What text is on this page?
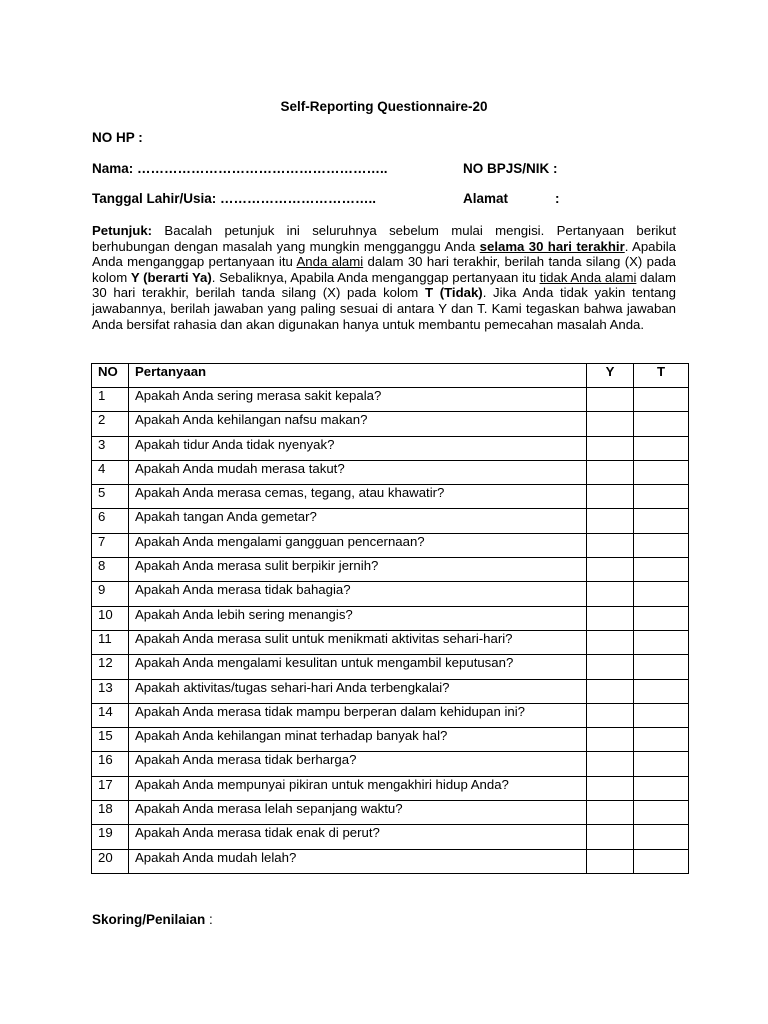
Self-Reporting Questionnaire-20
NO HP :
Nama: ………………………………………………..	NO BPJS/NIK :
Tanggal Lahir/Usia: ……………………………..	Alamat	:
Petunjuk: Bacalah petunjuk ini seluruhnya sebelum mulai mengisi. Pertanyaan berikut berhubungan dengan masalah yang mungkin mengganggu Anda selama 30 hari terakhir. Apabila Anda menganggap pertanyaan itu Anda alami dalam 30 hari terakhir, berilah tanda silang (X) pada kolom Y (berarti Ya). Sebaliknya, Apabila Anda menganggap pertanyaan itu tidak Anda alami dalam 30 hari terakhir, berilah tanda silang (X) pada kolom T (Tidak). Jika Anda tidak yakin tentang jawabannya, berilah jawaban yang paling sesuai di antara Y dan T. Kami tegaskan bahwa jawaban Anda bersifat rahasia dan akan digunakan hanya untuk membantu pemecahan masalah Anda.
NO	Pertanyaan	Y	T
1	Apakah Anda sering merasa sakit kepala?		
2	Apakah Anda kehilangan nafsu makan?		
3	Apakah tidur Anda tidak nyenyak?		
4	Apakah Anda mudah merasa takut?		
5	Apakah Anda merasa cemas, tegang, atau khawatir?		
6	Apakah tangan Anda gemetar?		
7	Apakah Anda mengalami gangguan pencernaan?		
8	Apakah Anda merasa sulit berpikir jernih?		
9	Apakah Anda merasa tidak bahagia?		
10	Apakah Anda lebih sering menangis?		
11	Apakah Anda merasa sulit untuk menikmati aktivitas sehari-hari?		
12	Apakah Anda mengalami kesulitan untuk mengambil keputusan?		
13	Apakah aktivitas/tugas sehari-hari Anda terbengkalai?		
14	Apakah Anda merasa tidak mampu berperan dalam kehidupan ini?		
15	Apakah Anda kehilangan minat terhadap banyak hal?		
16	Apakah Anda merasa tidak berharga?		
17	Apakah Anda mempunyai pikiran untuk mengakhiri hidup Anda?		
18	Apakah Anda merasa lelah sepanjang waktu?		
19	Apakah Anda merasa tidak enak di perut?		
20	Apakah Anda mudah lelah?		
Skoring/Penilaian :
